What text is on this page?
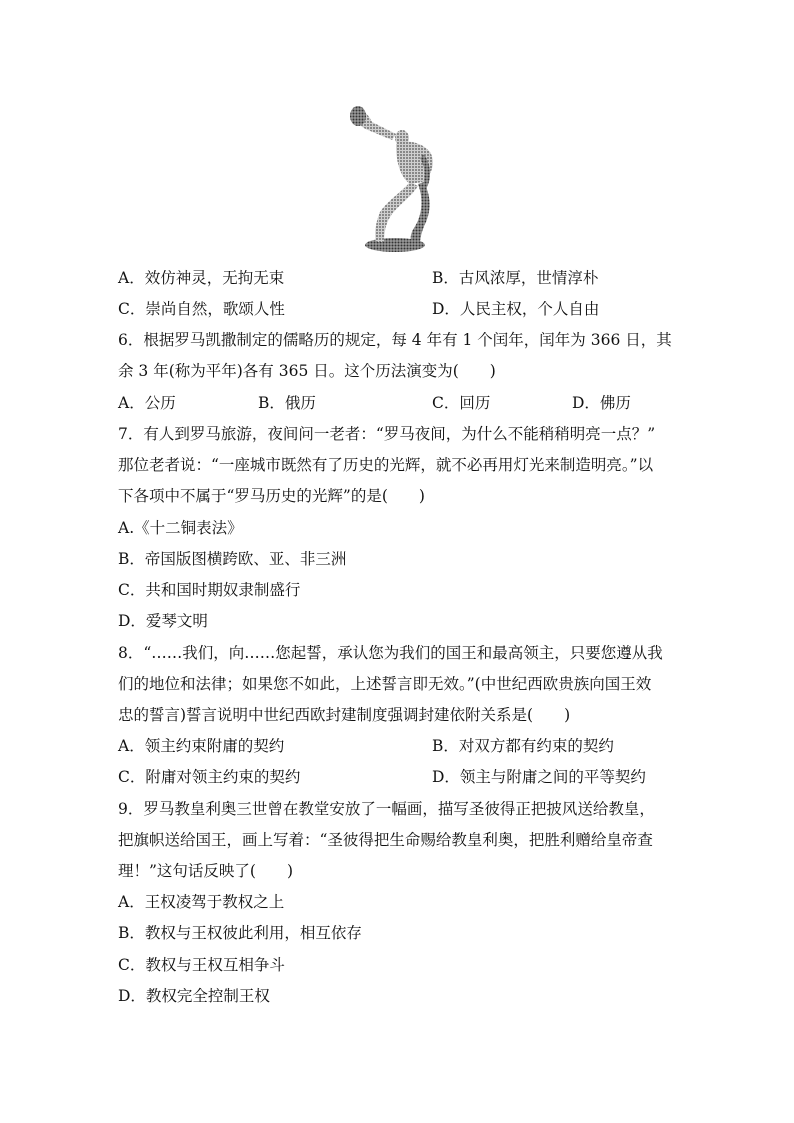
A．效仿神灵，无拘无束	B．古风浓厚，世情淳朴
C．崇尚自然，歌颂人性	D．人民主权，个人自由
6．根据罗马凯撒制定的儒略历的规定，每 4 年有 1 个闰年，闰年为 366 日，其
余 3 年(称为平年)各有 365 日。这个历法演变为(　　)
A．公历	B．俄历	C．回历	D．佛历
7．有人到罗马旅游，夜间问一老者：“罗马夜间，为什么不能稍稍明亮一点？”
那位老者说：“一座城市既然有了历史的光辉，就不必再用灯光来制造明亮。”以
下各项中不属于“罗马历史的光辉”的是(　　)
A.《十二铜表法》
B．帝国版图横跨欧、亚、非三洲
C．共和国时期奴隶制盛行
D．爱琴文明
8．“……我们，向……您起誓，承认您为我们的国王和最高领主，只要您遵从我
们的地位和法律；如果您不如此，上述誓言即无效。”(中世纪西欧贵族向国王效
忠的誓言)誓言说明中世纪西欧封建制度强调封建依附关系是(　　)
A．领主约束附庸的契约	B．对双方都有约束的契约
C．附庸对领主约束的契约	D．领主与附庸之间的平等契约
9．罗马教皇利奥三世曾在教堂安放了一幅画，描写圣彼得正把披风送给教皇，
把旗帜送给国王，画上写着：“圣彼得把生命赐给教皇利奥，把胜利赠给皇帝查
理！”这句话反映了(　　)
A．王权凌驾于教权之上
B．教权与王权彼此利用，相互依存
C．教权与王权互相争斗
D．教权完全控制王权
